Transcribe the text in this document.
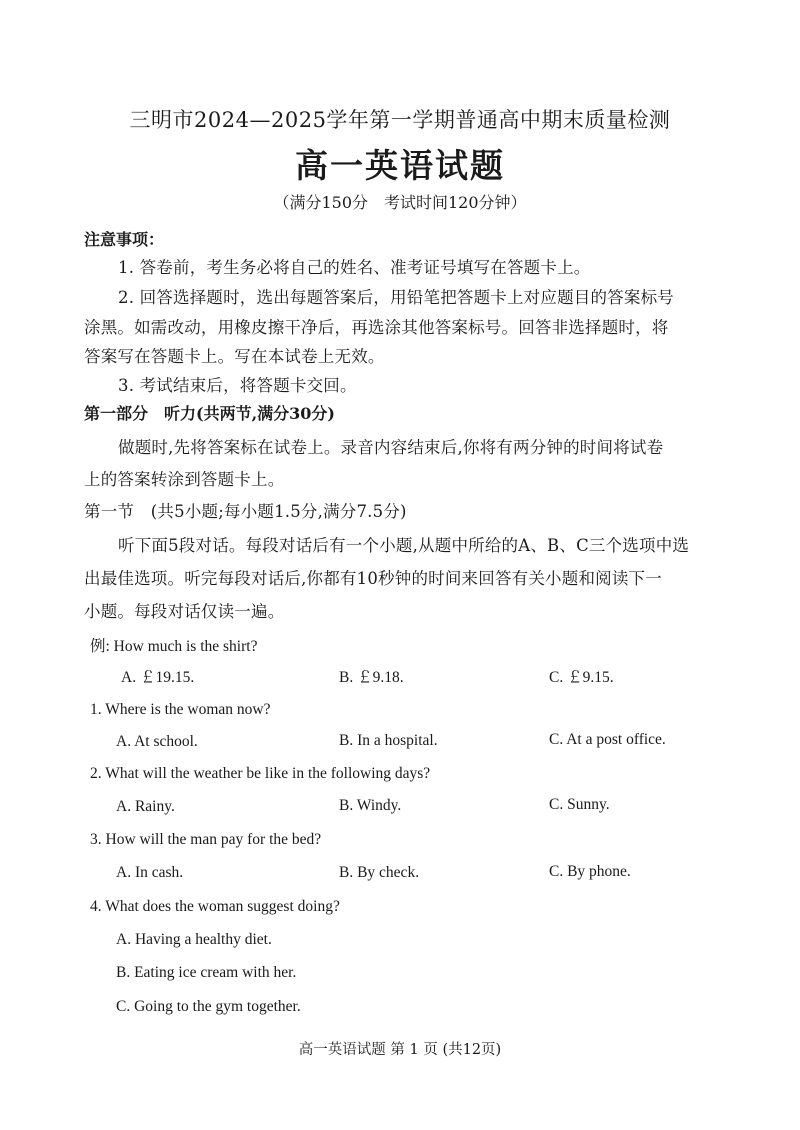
三明市2024—2025学年第一学期普通高中期末质量检测
高一英语试题
（满分150分　考试时间120分钟）
注意事项：
1. 答卷前，考生务必将自己的姓名、准考证号填写在答题卡上。
2. 回答选择题时，选出每题答案后，用铅笔把答题卡上对应题目的答案标号
涂黑。如需改动，用橡皮擦干净后，再选涂其他答案标号。回答非选择题时，将
答案写在答题卡上。写在本试卷上无效。
3. 考试结束后，将答题卡交回。
第一部分　听力(共两节,满分30分)
做题时,先将答案标在试卷上。录音内容结束后,你将有两分钟的时间将试卷
上的答案转涂到答题卡上。
第一节　(共5小题;每小题1.5分,满分7.5分)
听下面5段对话。每段对话后有一个小题,从题中所给的A、B、C三个选项中选
出最佳选项。听完每段对话后,你都有10秒钟的时间来回答有关小题和阅读下一
小题。每段对话仅读一遍。
例: How much is the shirt?
A. ￡19.15.	B. ￡9.18.	C. ￡9.15.
1. Where is the woman now?
A. At school.	B. In a hospital.	C. At a post office.
2. What will the weather be like in the following days?
A. Rainy.	B. Windy.	C. Sunny.
3. How will the man pay for the bed?
A. In cash.	B. By check.	C. By phone.
4. What does the woman suggest doing?
A. Having a healthy diet.
B. Eating ice cream with her.
C. Going to the gym together.
高一英语试题 第 1 页 (共12页)
